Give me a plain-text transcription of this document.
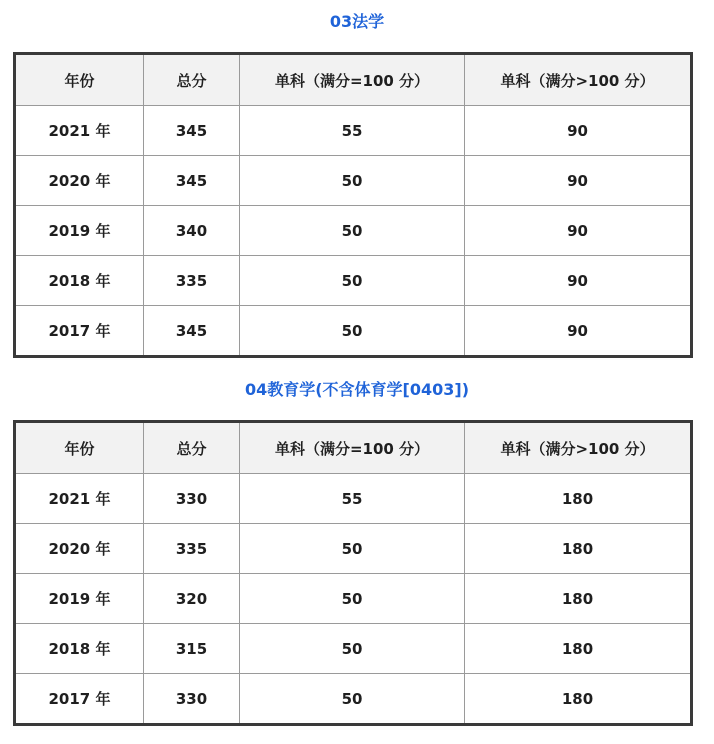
03法学
年份	总分	单科（满分=100 分）	单科（满分>100 分）
2021 年	345	55	90
2020 年	345	50	90
2019 年	340	50	90
2018 年	335	50	90
2017 年	345	50	90
04教育学(不含体育学[0403])
年份	总分	单科（满分=100 分）	单科（满分>100 分）
2021 年	330	55	180
2020 年	335	50	180
2019 年	320	50	180
2018 年	315	50	180
2017 年	330	50	180
